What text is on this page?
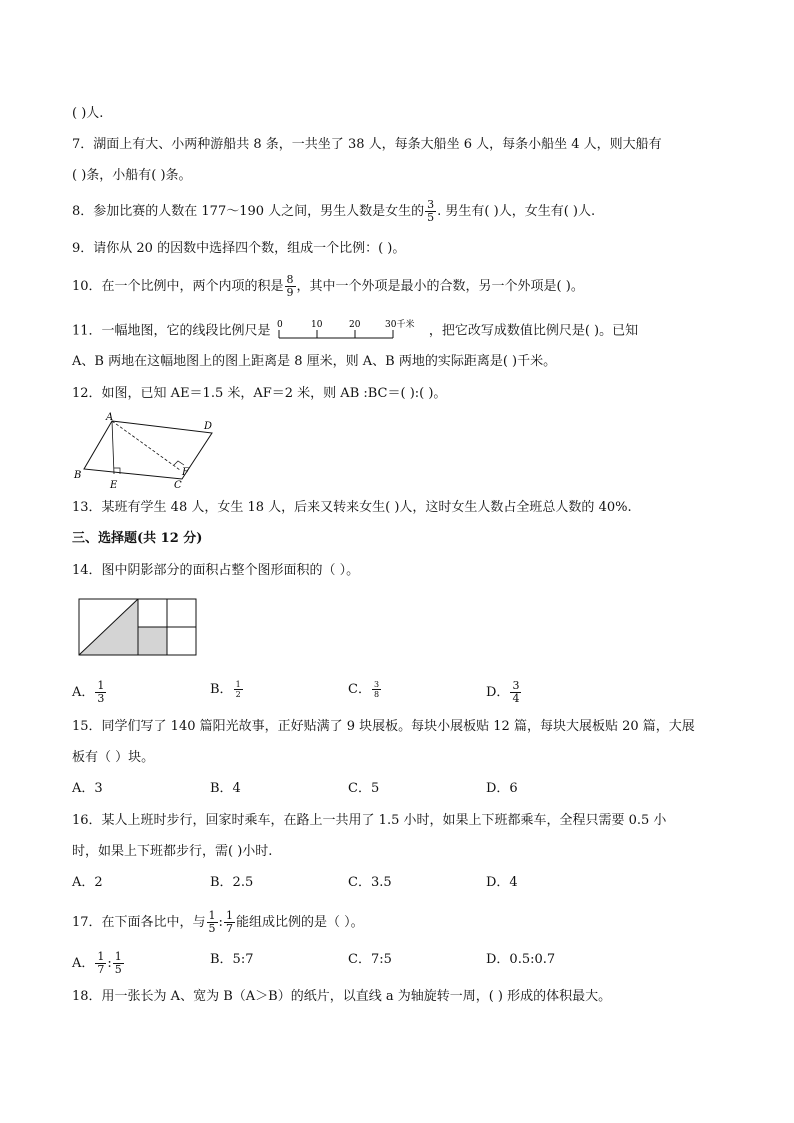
( )人.
7．湖面上有大、小两种游船共 8 条，一共坐了 38 人，每条大船坐 6 人，每条小船坐 4 人，则大船有
( )条，小船有( )条。
8．参加比赛的人数在 177～190 人之间，男生人数是女生的 $\frac{3}{5}$ . 男生有( )人，女生有( )人.
9．请你从 20 的因数中选择四个数，组成一个比例：( )。
10．在一个比例中，两个内项的积是 $\frac{8}{9}$ ，其中一个外项是最小的合数，另一个外项是( )。
11．一幅地图，它的线段比例尺是 0	10	20	30千米 ，把它改写成数值比例尺是( )。已知
A、B 两地在这幅地图上的图上距离是 8 厘米，则 A、B 两地的实际距离是( )千米。
12．如图，已知 AE＝1.5 米，AF＝2 米，则 AB :BC＝( ):( )。
A
D
B
E	C
F
13．某班有学生 48 人，女生 18 人，后来又转来女生( )人，这时女生人数占全班总人数的 40%.
三、选择题(共 12 分)
14．图中阴影部分的面积占整个图形面积的（ ）。
A． $\frac{1}{3}$	B． $\frac{1}{2}$	C． $\frac{3}{8}$	D． $\frac{3}{4}$
15．同学们写了 140 篇阳光故事，正好贴满了 9 块展板。每块小展板贴 12 篇，每块大展板贴 20 篇，大展
板有（ ）块。
A．3	B．4	C．5	D．6
16．某人上班时步行，回家时乘车，在路上一共用了 1.5 小时，如果上下班都乘车，全程只需要 0.5 小
时，如果上下班都步行，需( )小时.
A．2	B．2.5	C．3.5	D．4
17．在下面各比中，与 $\frac{1}{5}$ : $\frac{1}{7}$ 能组成比例的是（ ）。
A． $\frac{1}{7}$ : $\frac{1}{5}$	B．5:7	C．7:5	D．0.5:0.7
18．用一张长为 A、宽为 B（A＞B）的纸片，以直线 a 为轴旋转一周，( ) 形成的体积最大。
